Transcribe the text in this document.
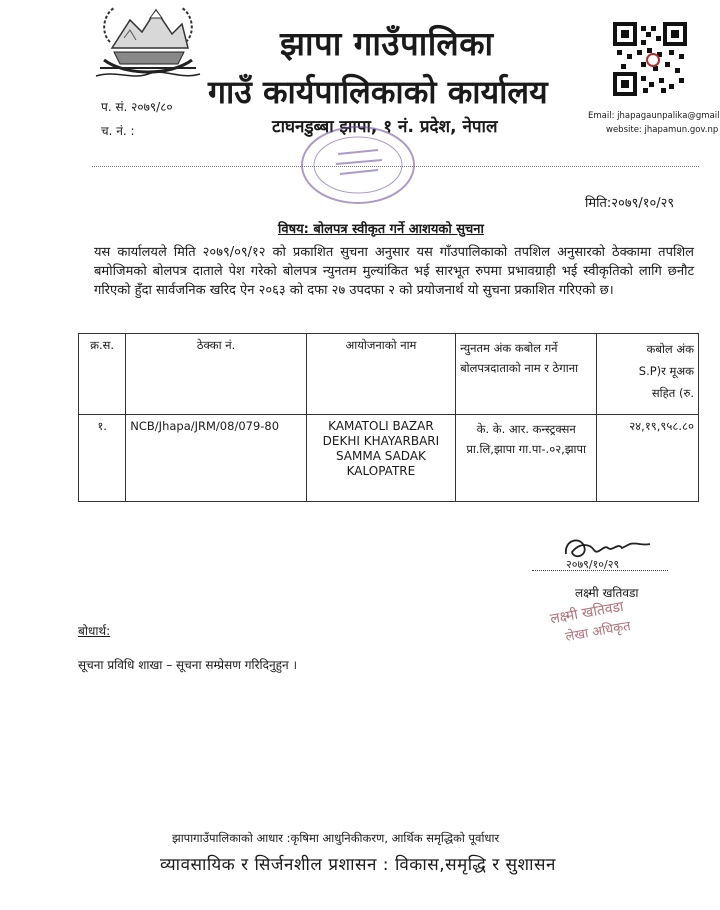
झापा गाउँपालिका
गाउँ कार्यपालिकाको कार्यालय
टाघनडुब्बा झापा, १ नं. प्रदेश, नेपाल
Email: jhapagaunpalika@gmail
website: jhapamun.gov.np
प. सं. २०७९/८०
च. नं. :
मिति:२०७९/१०/२९
विषय: बोलपत्र स्वीकृत गर्ने आशयको सुचना
यस कार्यालयले मिति २०७९/०९/१२ को प्रकाशित सुचना अनुसार यस गाँउपालिकाको तपशिल अनुसारको ठेक्कामा तपशिल बमोजिमको बोलपत्र दाताले पेश गरेको बोलपत्र न्युनतम मुल्यांकित भई सारभूत रुपमा प्रभावग्राही भई स्वीकृतिको लागि छनौट गरिएको हुँदा सार्वजनिक खरिद ऐन २०६३ को दफा २७ उपदफा २ को प्रयोजनार्थ यो सुचना प्रकाशित गरिएको छ।
क्र.स.	ठेक्का नं.	आयोजनाको नाम	न्युनतम अंक कबोल गर्ने बोलपत्रदाताको नाम र ठेगाना	कबोल अंक
S.P)र मूअक
सहित (रु.

१.	NCB/Jhapa/JRM/08/079-80	KAMATOLI BAZAR DEKHI KHAYARBARI SAMMA SADAK KALOPATRE	के. के. आर. कन्स्ट्रक्सन प्रा.लि,झापा गा.पा-.०२,झापा	२४,१९,९५८.८०
२०७९/१०/२९
लक्ष्मी खतिवडा
लक्ष्मी खतिवडा
लेखा अधिकृत
बोधार्थ:
सूचना प्रविधि शाखा – सूचना सम्प्रेसण गरिदिनुहुन ।
झापागाउँपालिकाको आधार :कृषिमा आधुनिकीकरण, आर्थिक समृद्धिको पूर्वाधार
व्यावसायिक र सिर्जनशील प्रशासन : विकास,समृद्धि र सुशासन
